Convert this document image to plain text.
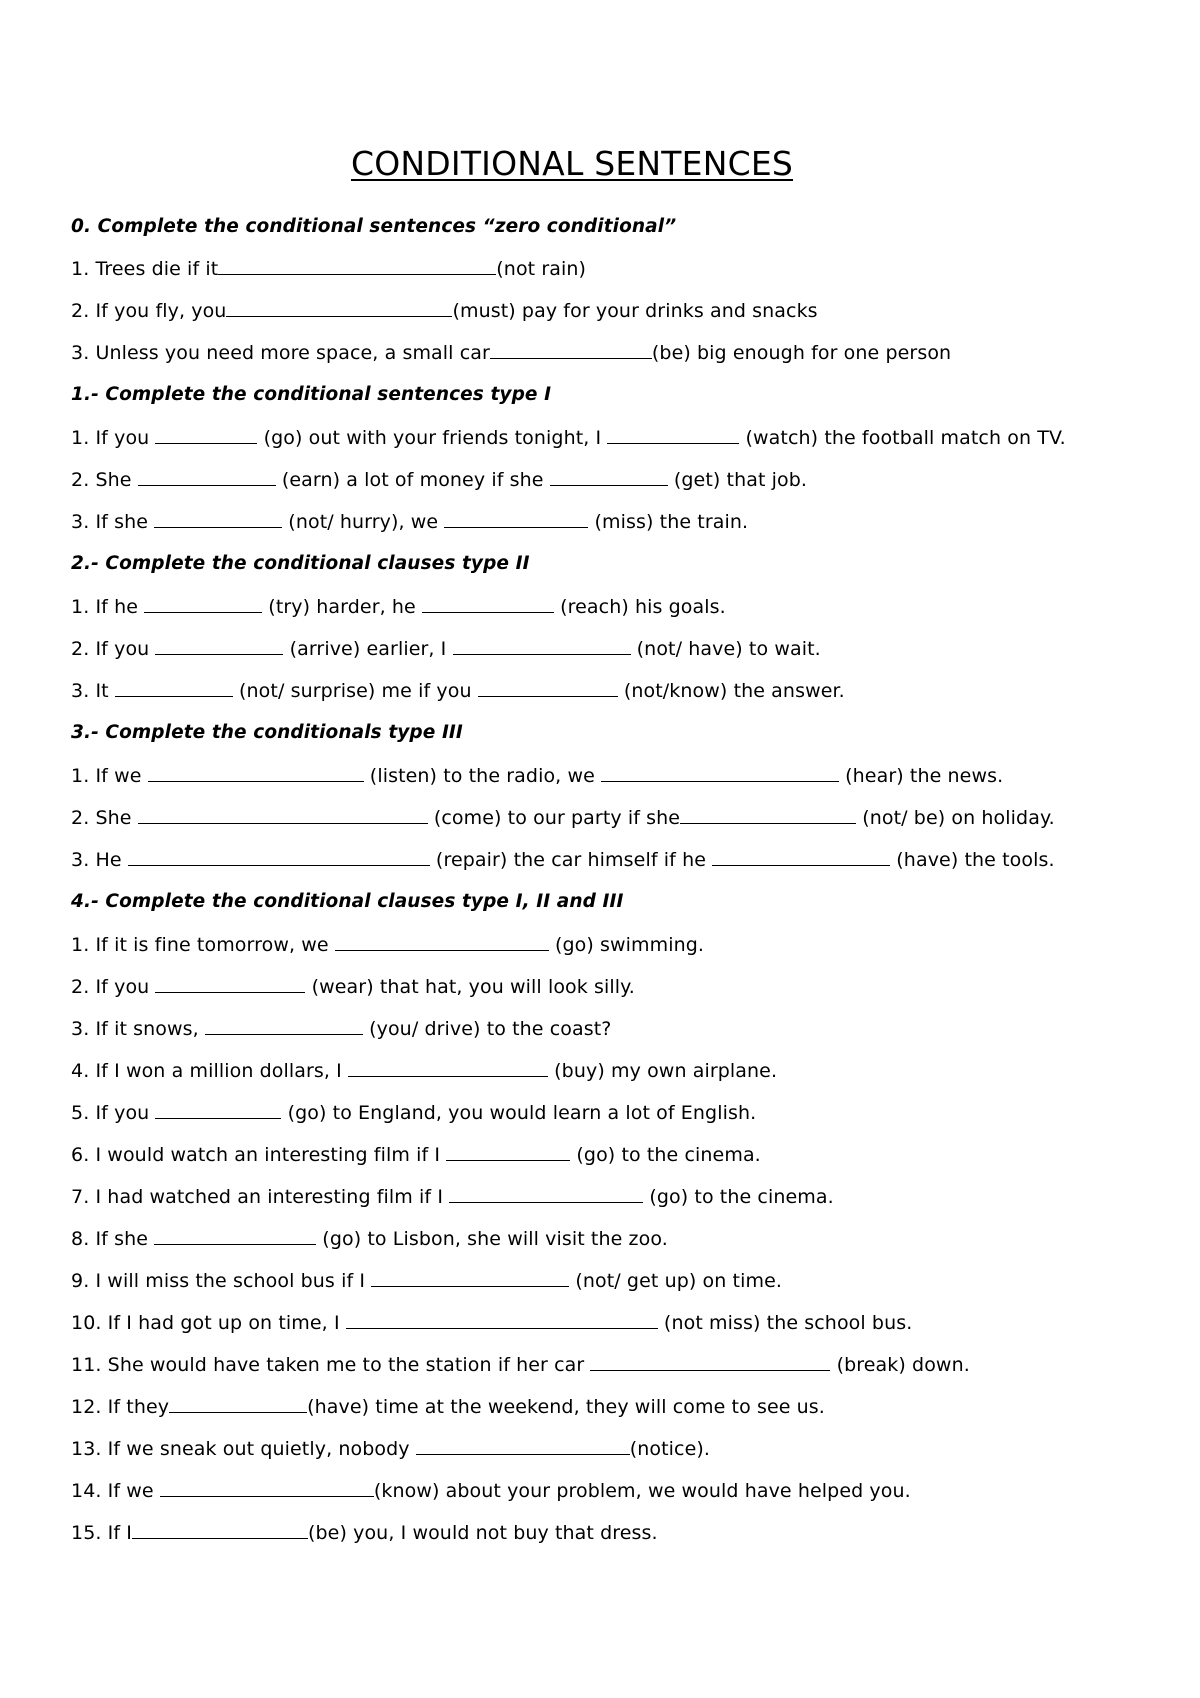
CONDITIONAL SENTENCES
0. Complete the conditional sentences “zero conditional”
1. Trees die if it	(not rain)
2. If you fly, you	(must) pay for your drinks and snacks
3. Unless you need more space, a small car	(be) big enough for one person
1.- Complete the conditional sentences type I
1. If you	(go) out with your friends tonight, I	(watch) the football match on TV.
2. She	(earn) a lot of money if she	(get) that job.
3. If she	(not/ hurry), we	(miss) the train.
2.- Complete the conditional clauses type II
1. If he	(try) harder, he	(reach) his goals.
2. If you	(arrive) earlier, I	(not/ have) to wait.
3. It	(not/ surprise) me if you	(not/know) the answer.
3.- Complete the conditionals type III
1. If we	(listen) to the radio, we	(hear) the news.
2. She	(come) to our party if she	(not/ be) on holiday.
3. He	(repair) the car himself if he	(have) the tools.
4.- Complete the conditional clauses type I, II and III
1. If it is fine tomorrow, we	(go) swimming.
2. If you	(wear) that hat, you will look silly.
3. If it snows,	(you/ drive) to the coast?
4. If I won a million dollars, I	(buy) my own airplane.
5. If you	(go) to England, you would learn a lot of English.
6. I would watch an interesting film if I	(go) to the cinema.
7. I had watched an interesting film if I	(go) to the cinema.
8. If she	(go) to Lisbon, she will visit the zoo.
9. I will miss the school bus if I	(not/ get up) on time.
10. If I had got up on time, I	(not miss) the school bus.
11. She would have taken me to the station if her car	(break) down.
12. If they	(have) time at the weekend, they will come to see us.
13. If we sneak out quietly, nobody	(notice).
14. If we	(know) about your problem, we would have helped you.
15. If I	(be) you, I would not buy that dress.
